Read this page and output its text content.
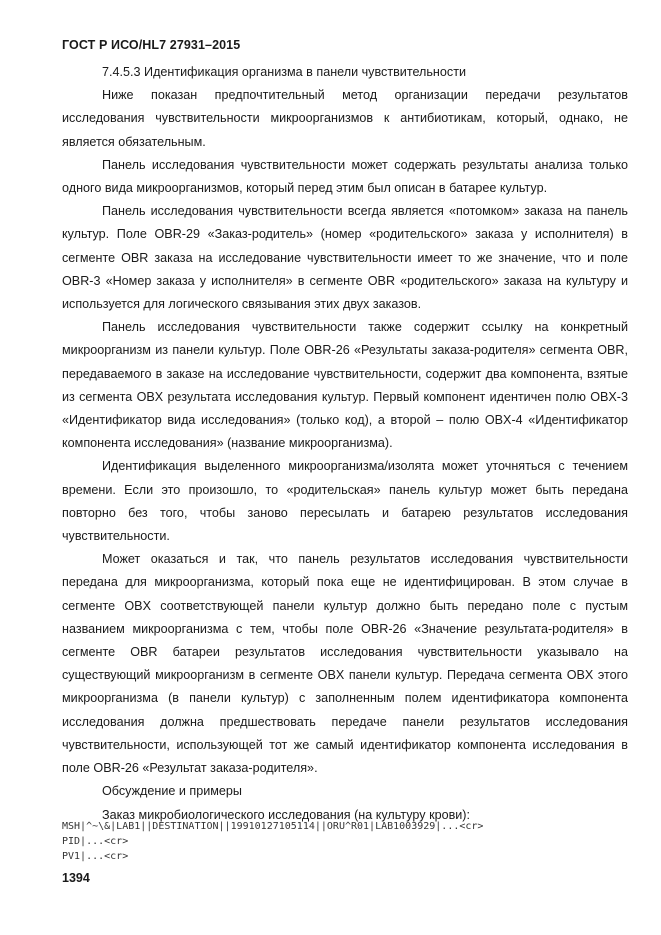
ГОСТ Р ИСО/HL7 27931–2015

7.4.5.3 Идентификация организма в панели чувствительности

Ниже показан предпочтительный метод организации передачи результатов исследования чувствительности микроорганизмов к антибиотикам, который, однако, не является обязательным.

Панель исследования чувствительности может содержать результаты анализа только одного вида микроорганизмов, который перед этим был описан в батарее культур.

Панель исследования чувствительности всегда является «потомком» заказа на панель культур. Поле OBR-29 «Заказ-родитель» (номер «родительского» заказа у исполнителя) в сегменте OBR заказа на исследование чувствительности имеет то же значение, что и поле OBR-3 «Номер заказа у исполнителя» в сегменте OBR «родительского» заказа на культуру и используется для логического связывания этих двух заказов.

Панель исследования чувствительности также содержит ссылку на конкретный микроорганизм из панели культур. Поле OBR-26 «Результаты заказа-родителя» сегмента OBR, передаваемого в заказе на исследование чувствительности, содержит два компонента, взятые из сегмента OBX результата исследования культур. Первый компонент идентичен полю OBX-3 «Идентификатор вида исследования» (только код), а второй – полю OBX-4 «Идентификатор компонента исследования» (название микроорганизма).

Идентификация выделенного микроорганизма/изолята может уточняться с течением времени. Если это произошло, то «родительская» панель культур может быть передана повторно без того, чтобы заново пересылать и батарею результатов исследования чувствительности.

Может оказаться и так, что панель результатов исследования чувствительности передана для микроорганизма, который пока еще не идентифицирован. В этом случае в сегменте OBX соответствующей панели культур должно быть передано поле с пустым названием микроорганизма с тем, чтобы поле OBR-26 «Значение результата-родителя» в сегменте OBR батареи результатов исследования чувствительности указывало на существующий микроорганизм в сегменте OBX панели культур. Передача сегмента OBX этого микроорганизма (в панели культур) с заполненным полем идентификатора компонента исследования должна предшествовать передаче панели результатов исследования чувствительности, использующей тот же самый идентификатор компонента исследования в поле OBR-26 «Результат заказа-родителя».

Обсуждение и примеры

Заказ микробиологического исследования (на культуру крови):

MSH|^~\&|LAB1||DESTINATION||19910127105114||ORU^R01|LAB1003929|...<cr>
PID|...<cr>
PV1|...<cr>
1394
